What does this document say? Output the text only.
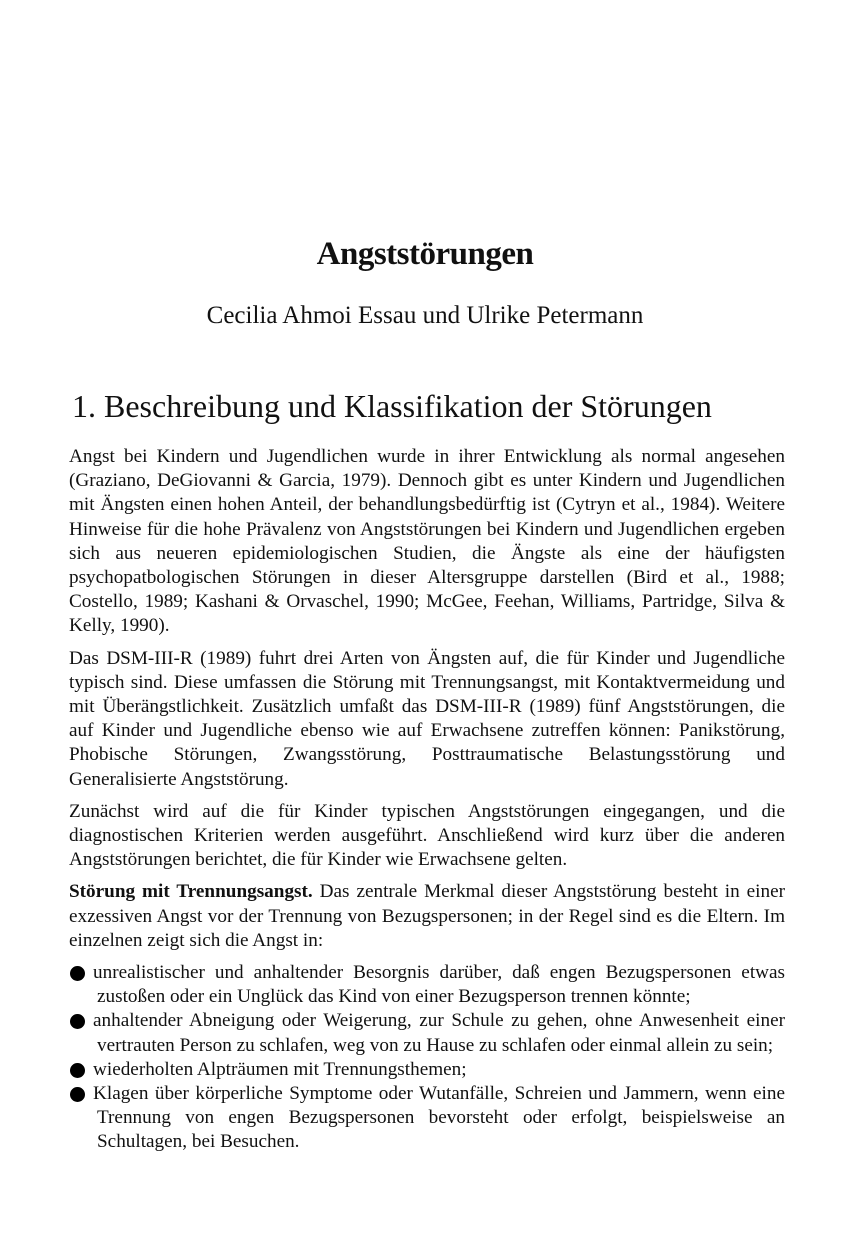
Angststörungen

Cecilia Ahmoi Essau und Ulrike Petermann

1. Beschreibung und Klassifikation der Störungen

Angst bei Kindern und Jugendlichen wurde in ihrer Entwicklung als normal angesehen (Graziano, DeGiovanni & Garcia, 1979). Dennoch gibt es unter Kindern und Jugendlichen mit Ängsten einen hohen Anteil, der behandlungsbedürftig ist (Cytryn et al., 1984). Weitere Hinweise für die hohe Prävalenz von Angststörungen bei Kindern und Jugendlichen ergeben sich aus neueren epidemiologischen Studien, die Ängste als eine der häufigsten psychopatbologischen Störungen in dieser Altersgruppe darstellen (Bird et al., 1988; Costello, 1989; Kashani & Orvaschel, 1990; McGee, Feehan, Williams, Partridge, Silva & Kelly, 1990).

Das DSM-III-R (1989) fuhrt drei Arten von Ängsten auf, die für Kinder und Jugendliche typisch sind. Diese umfassen die Störung mit Trennungsangst, mit Kontaktvermeidung und mit Überängstlichkeit. Zusätzlich umfaßt das DSM-III-R (1989) fünf Angststörungen, die auf Kinder und Jugendliche ebenso wie auf Erwachsene zutreffen können: Panikstörung, Phobische Störungen, Zwangsstörung, Posttraumatische Belastungsstörung und Generalisierte Angststörung.

Zunächst wird auf die für Kinder typischen Angststörungen eingegangen, und die diagnostischen Kriterien werden ausgeführt. Anschließend wird kurz über die anderen Angststörungen berichtet, die für Kinder wie Erwachsene gelten.

Störung mit Trennungsangst. Das zentrale Merkmal dieser Angststörung besteht in einer exzessiven Angst vor der Trennung von Bezugspersonen; in der Regel sind es die Eltern. Im einzelnen zeigt sich die Angst in:

unrealistischer und anhaltender Besorgnis darüber, daß engen Bezugspersonen etwas zustoßen oder ein Unglück das Kind von einer Bezugsperson trennen könnte;
anhaltender Abneigung oder Weigerung, zur Schule zu gehen, ohne Anwesenheit einer vertrauten Person zu schlafen, weg von zu Hause zu schlafen oder einmal allein zu sein;
wiederholten Alpträumen mit Trennungsthemen;
Klagen über körperliche Symptome oder Wutanfälle, Schreien und Jammern, wenn eine Trennung von engen Bezugspersonen bevorsteht oder erfolgt, beispielsweise an Schultagen, bei Besuchen.
